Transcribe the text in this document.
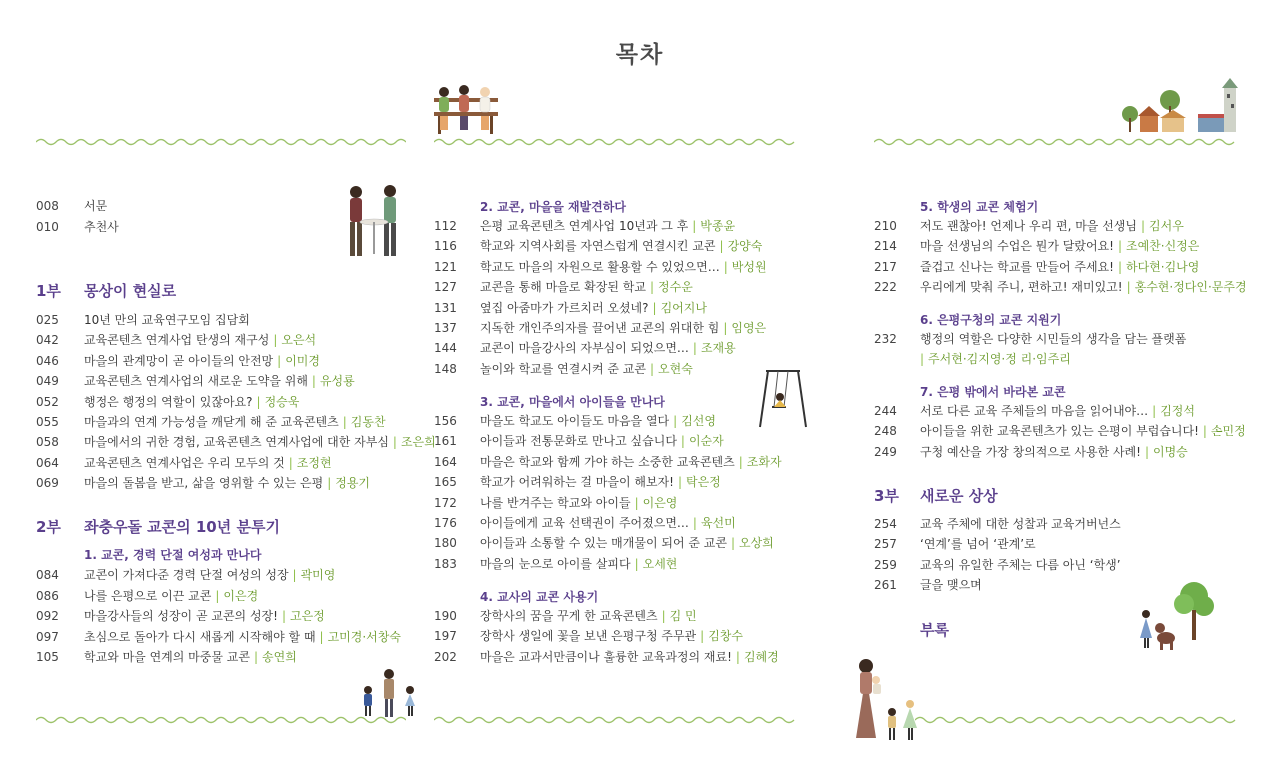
목차
008 서문
010 추천사
1부 몽상이 현실로
025 10년 만의 교육연구모임 집담회
042 교육콘텐츠 연계사업 탄생의 재구성 | 오은석
046 마을의 관계망이 곧 아이들의 안전망 | 이미경
049 교육콘텐츠 연계사업의 새로운 도약을 위해 | 유성룡
052 행정은 행정의 역할이 있잖아요? | 정승욱
055 마을과의 연계 가능성을 깨닫게 해 준 교육콘텐츠 | 김동찬
058 마을에서의 귀한 경험, 교육콘텐츠 연계사업에 대한 자부심 | 조은희
064 교육콘텐츠 연계사업은 우리 모두의 것 | 조정현
069 마을의 돌봄을 받고, 삶을 영위할 수 있는 은평 | 정용기
2부 좌충우돌 교콘의 10년 분투기
1. 교콘, 경력 단절 여성과 만나다
084 교콘이 가져다준 경력 단절 여성의 성장 | 곽미영
086 나를 은평으로 이끈 교콘 | 이은경
092 마을강사들의 성장이 곧 교콘의 성장! | 고은정
097 초심으로 돌아가 다시 새롭게 시작해야 할 때 | 고미경·서창숙
105 학교와 마을 연계의 마중물 교콘 | 송연희
2. 교콘, 마을을 재발견하다
112 은평 교육콘텐츠 연계사업 10년과 그 후 | 박종윤
116 학교와 지역사회를 자연스럽게 연결시킨 교콘 | 강양숙
121 학교도 마을의 자원으로 활용할 수 있었으면… | 박성원
127 교콘을 통해 마을로 확장된 학교 | 정수운
131 옆집 아줌마가 가르치러 오셨네? | 김어지나
137 지독한 개인주의자를 끌어낸 교콘의 위대한 힘 | 임영은
144 교콘이 마을강사의 자부심이 되었으면… | 조재용
148 놀이와 학교를 연결시켜 준 교콘 | 오현숙
3. 교콘, 마을에서 아이들을 만나다
156 마을도 학교도 아이들도 마음을 열다 | 김선영
161 아이들과 전통문화로 만나고 싶습니다 | 이순자
164 마을은 학교와 함께 가야 하는 소중한 교육콘텐츠 | 조화자
165 학교가 어려워하는 걸 마을이 해보자! | 탁은정
172 나를 반겨주는 학교와 아이들 | 이은영
176 아이들에게 교육 선택권이 주어졌으면… | 육선미
180 아이들과 소통할 수 있는 매개물이 되어 준 교콘 | 오상희
183 마을의 눈으로 아이를 살피다 | 오세현
4. 교사의 교콘 사용기
190 장학사의 꿈을 꾸게 한 교육콘텐츠 | 김 민
197 장학사 생일에 꽃을 보낸 은평구청 주무관 | 김창수
202 마을은 교과서만큼이나 훌륭한 교육과정의 재료! | 김혜경
5. 학생의 교콘 체험기
210 저도 괜찮아! 언제나 우리 편, 마을 선생님 | 김서우
214 마을 선생님의 수업은 뭔가 달랐어요! | 조예찬·신정은
217 즐겁고 신나는 학교를 만들어 주세요! | 하다현·김나영
222 우리에게 맞춰 주니, 편하고! 재미있고! | 홍수현·정다인·문주경
6. 은평구청의 교콘 지원기
232 행정의 역할은 다양한 시민들의 생각을 담는 플랫폼
| 주서현·김지영·정 리·임주리
7. 은평 밖에서 바라본 교콘
244 서로 다른 교육 주체들의 마음을 읽어내야… | 김정석
248 아이들을 위한 교육콘텐츠가 있는 은평이 부럽습니다! | 손민정
249 구청 예산을 가장 창의적으로 사용한 사례! | 이명승
3부 새로운 상상
254 교육 주체에 대한 성찰과 교육거버넌스
257 ‘연계’를 넘어 ‘관계’로
259 교육의 유일한 주체는 다름 아닌 ‘학생’
261 글을 맺으며
부록
